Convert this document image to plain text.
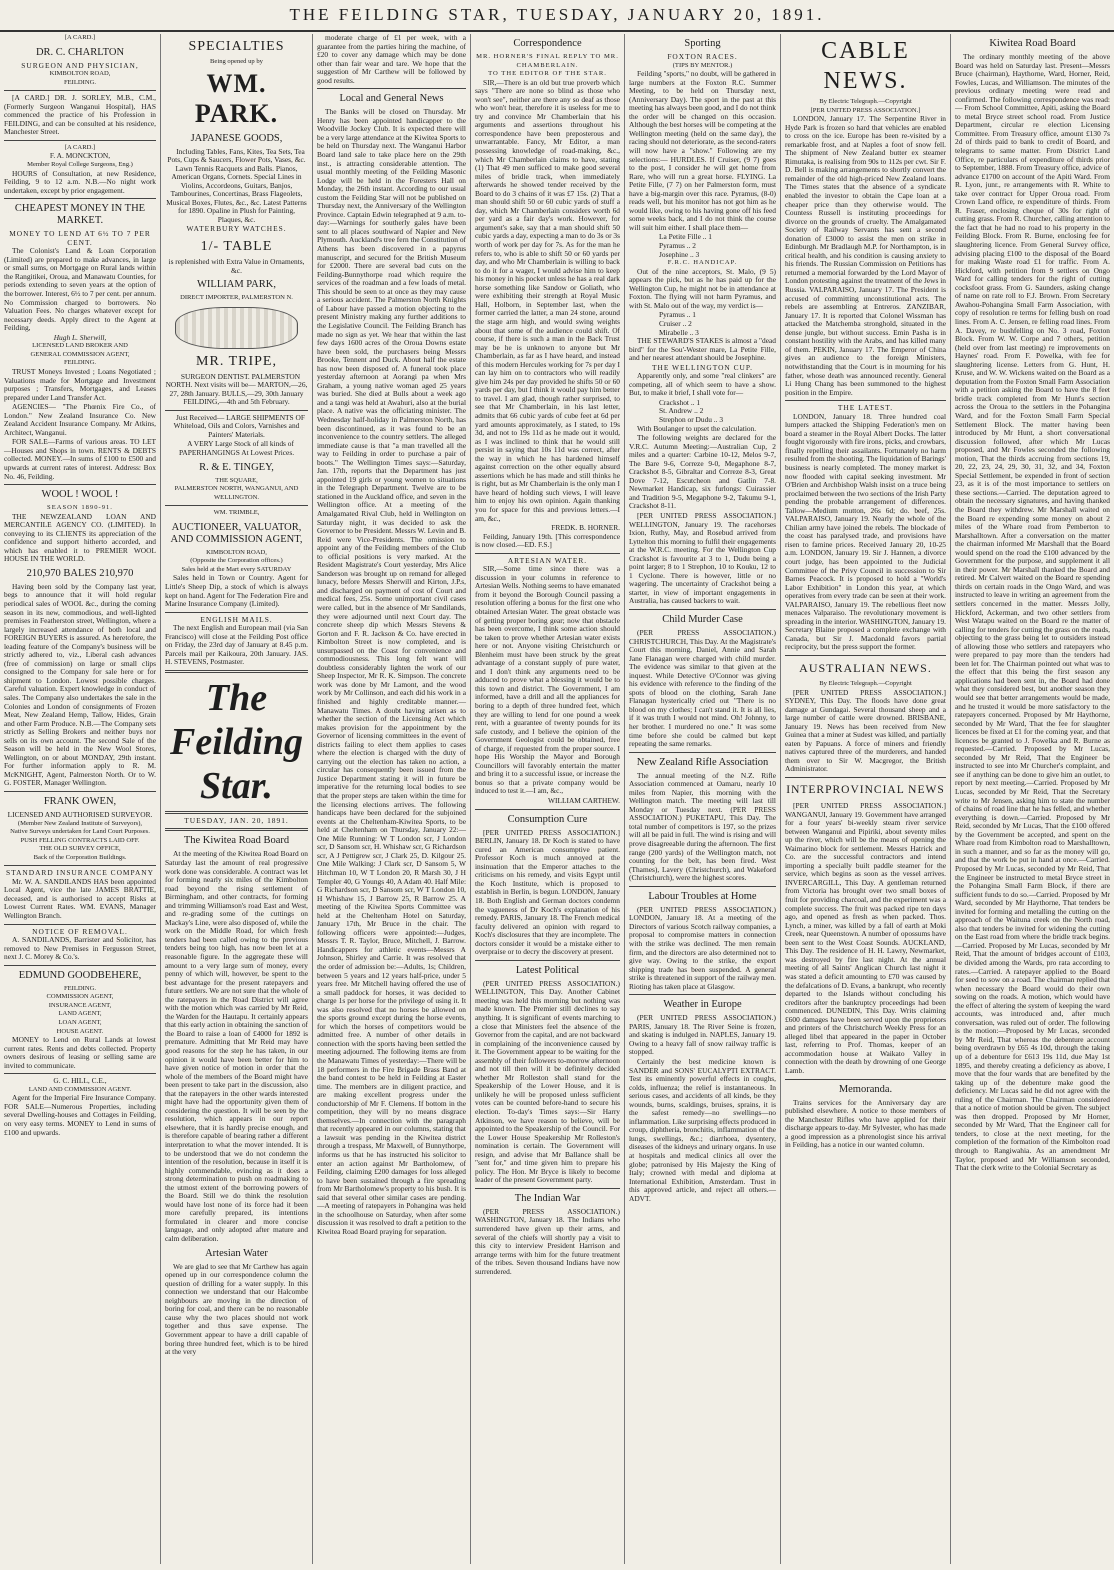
THE FEILDING STAR, TUESDAY, JANUARY 20, 1891.
[A CARD.]
DR. C. CHARLTON
SURGEON AND PHYSICIAN,
KIMBOLTON ROAD,
FEILDING.

[A CARD.] DR. J. SORLEY, M.B., C.M., (Formerly Surgeon Wanganui Hospital), HAS commenced the practice of his Profession in FEILDING, and can be consulted at his residence, Manchester Street.

[A CARD.]
F. A. MONCKTON,
Member Royal College Surgeons, Eng.)

HOURS of Consultation, at new Residence, Feilding, 9 to 12 a.m. N.B.—No night work undertaken, except by prior engagement.

CHEAPEST MONEY IN THE MARKET.
MONEY TO LEND AT 6½ TO 7 PER CENT.

The Colonist's Land & Loan Corporation (Limited) are prepared to make advances, in large or small sums, on Mortgage on Rural lands within the Rangitikei, Oroua, and Manawatu Counties, for periods extending to seven years at the option of the borrower. Interest, 6½ to 7 per cent. per annum. No Commission charged to borrowers. No Valuation Fees. No charges whatever except for necessary deeds. Apply direct to the Agent at Feilding,

Hugh L. Sherwill,
LICENSED LAND BROKER AND
GENERAL COMMISSION AGENT,
FEILDING.

TRUST Moneys Invested ; Loans Negotiated ; Valuations made for Mortgage and Investment purposes ; Transfers, Mortgages, and Leases prepared under Land Transfer Act.

AGENCIES— "The Phœnix Fire Co., of London." New Zealand Insurance Co. New Zealand Accident Insurance Company. Mr Atkins, Architect, Wanganui.

FOR SALE—Farms of various areas. TO LET—Houses and Shops in town. RENTS & DEBTS collected. MONEY.—In sums of £100 to £500 and upwards at current rates of interest. Address: Box No. 46, Feilding.

WOOL ! WOOL !
SEASON 1890-91.

THE NEWZEALAND LOAN AND MERCANTILE AGENCY CO. (LIMITED). In conveying to its CLIENTS its appreciation of the confidence and support hitherto accorded, and which has enabled it to PREMIER WOOL HOUSE IN THE WORLD.

210,970 BALES 210,970

Having been sold by the Company last year, begs to announce that it will hold regular periodical sales of WOOL &c., during the coming season in its new, commodious, and well-lighted premises in Featherston street, Wellington, where a largely increased attendance of both local and FOREIGN BUYERS is assured. As heretofore, the leading feature of the Company's business will be strictly adhered to, viz., Liberal cash advances (free of commission) on large or small clips consigned to the Company for sale here or for shipment to London. Lowest possible charges. Careful valuation. Expert knowledge in conduct of sales. The Company also undertakes the sale in the Colonies and London of consignments of Frozen Meat, New Zealand Hemp, Tallow, Hides, Grain and other Farm Produce. N.B.—The Company sets strictly as Selling Brokers and neither buys nor sells on its own account. The second Sale of the Season will be held in the New Wool Stores, Wellington, on or about MONDAY, 29th instant. For further information apply to R. M. McKNIGHT, Agent, Palmerston North. Or to W. G. FOSTER, Manager Wellington.

FRANK OWEN,
LICENSED AND AUTHORISED SURVEYOR.
(Member New Zealand Institute of Surveyors),
Native Surveys undertaken for Land Court Purposes.
PUSH FELLING CONTRACTS LAID OFF.
THE OLD SURVEY OFFICE,
Back of the Corporation Buildings.
STANDARD INSURANCE COMPANY

Mr. W. A. SANDILANDS HAS been appointed Local Agent, vice the late JAMES BRATTIE, deceased, and is authorised to accept Risks at Lowest Current Rates. WM. EVANS, Manager Wellington Branch.

NOTICE OF REMOVAL.

A. SANDILANDS, Barrister and Solicitor, has removed to New Premises in Fergusson Street, next J. C. Morey & Co.'s.

EDMUND GOODBEHERE,
FEILDING.
COMMISSION AGENT,
INSURANCE AGENT,
LAND AGENT,
LOAN AGENT,
HOUSE AGENT.

MONEY to Lend on Rural Lands at lowest current rates. Rents and debts collected. Property owners desirous of leasing or selling same are invited to communicate.

G. C. HILL, C.E.,
LAND AND COMMISSION AGENT.

Agent for the Imperial Fire Insurance Company. FOR SALE—Numerous Properties, including several Dwelling-houses and Cottages in Feilding, on very easy terms. MONEY to Lend in sums of £100 and upwards.

SPECIALTIES
Being opened up by
WM. PARK.
JAPANESE GOODS,

Including Tables, Fans, Kites, Tea Sets, Tea Pots, Cups & Saucers, Flower Pots, Vases, &c. Lawn Tennis Racquets and Balls. Pianos, American Organs, Cornets. Special Lines in Violins, Accordeons, Guitars, Banjos, Tambourines, Concertinas, Brass Flageolets, Musical Boxes, Flutes, &c., &c. Latest Patterns for 1890. Opaline in Plush for Painting, Plaques, &c.

WATERBURY WATCHES.
1/- TABLE
is replenished with Extra Value in Ornaments, &c.
WILLIAM PARK,
DIRECT IMPORTER, PALMERSTON N.
MR. TRIPE,

SURGEON DENTIST. PALMERSTON NORTH. Next visits will be— MARTON,—26, 27, 28th January. BULLS,—29, 30th January FEILDING,—4th and 5th February.

Just Received— LARGE SHIPMENTS OF Whiteload, Oils and Colors, Varnishes and Painters' Materials.

A VERY Large Stock of all kinds of PAPERHANGINGS At Lowest Prices.

R. & E. TINGEY,
THE SQUARE,
PALMERSTON NORTH, WANGANUI, AND
WELLINGTON.
WM. TRIMBLE,
AUCTIONEER, VALUATOR, AND COMMISSION AGENT,
KIMBOLTON ROAD,
(Opposite the Corporation offices.)
Sales held at the Mart every SATURDAY

Sales held in Town or Country. Agent for Little's Sheep Dip, a stock of which is always kept on hand. Agent for The Federation Fire and Marine Insurance Company (Limited).

ENGLISH MAILS.

The next English and European mail (via San Francisco) will close at the Feilding Post office on Friday, the 23rd day of January at 8.45 p.m. Parcels mail per Kaikoura, 20th January. JAS. H. STEVENS, Postmaster.

The Feilding Star.
TUESDAY, JAN. 20, 1891.
The Kiwitea Road Board

At the meeting of the Kiwitea Road Board on Saturday last the amount of real progressive work done was considerable. A contract was let for forming nearly six miles of the Kimbolton road beyond the rising settlement of Birmingham, and other contracts, for forming and trimming Williamson's road East and West, and re-grading some of the cuttings on Mackay's Line, were also disposed of, while the work on the Middle Road, for which fresh tenders had been called owing to the previous tenders being too high, has now been let at a reasonable figure. In the aggregate these will amount to a very large sum of money, every penny of which will, however, be spent to the best advantage for the present ratepayers and future settlers. We are not sure that the whole of the ratepayers in the Road District will agree with the motion which was carried by Mr Reid, the Warden for the Hautapu. It certainly appears that this early action in obtaining the sanction of the Board to raise a loan of £4000 for 1892 is premature. Admitting that Mr Reid may have good reasons for the step he has taken, in our opinion it would have been better for him to have given notice of motion in order that the whole of the members of the Board might have been present to take part in the discussion, also that the ratepayers in the other wards interested might have had the opportunity given them of considering the question. It will be seen by the resolution, which appears in our report elsewhere, that it is hardly precise enough, and is therefore capable of bearing rather a different interpretation to what the mover intended. It is to be understood that we do not condemn the intention of the resolution, because in itself it is highly commendable, evincing as it does a strong determination to push on roadmaking to the utmost extent of the borrowing powers of the Board. Still we do think the resolution would have lost none of its force had it been more carefully prepared, its intentions formulated in clearer and more concise language, and only adopted after mature and calm deliberation.

Artesian Water

We are glad to see that Mr Carthew has again opened up in our correspondence column the question of drilling for a water supply. In this connection we understand that our Halcombe neighbours are moving in the direction of boring for coal, and there can be no reasonable cause why the two places should not work together and thus save expense. The Government appear to have a drill capable of boring three hundred feet, which is to be hired at the very

moderate charge of £1 per week, with a guarantee from the parties hiring the machine, of £20 to cover any damage which may be done other than fair wear and tare. We hope that the suggestion of Mr Carthew will be followed by good results.

Local and General News

The Banks will be closed on Thursday. Mr Henry has been appointed handicapper to the Woodville Jockey Club. It is expected there will be a very large attendance at the Kiwitea Sports to be held on Thursday next. The Wanganui Harbor Board land sale to take place here on the 29th inst., is attracting considerable attention. The usual monthly meeting of the Feilding Masonic Lodge will be held in the Foresters Hall on Monday, the 26th instant. According to our usual custom the Feilding Star will not be published on Thursday next, the Anniversary of the Wellington Province. Captain Edwin telegraphed at 9 a.m. to-day:—Warnings for southerly gales have been sent to all places southward of Napier and New Plymouth. Auckland's tree fern the Constitution of Athens has been discovered in a papyrus manuscript, and secured for the British Museum for £2000. There are several bad cuts on the Feilding-Bunnythorpe road which require the services of the roadman and a few loads of metal. This should be seen to at once as they may cause a serious accident. The Palmerston North Knights of Labour have passed a motion objecting to the present Ministry making any further additions to the Legislative Council. The Feilding Branch has made no sign as yet. We hear that within the last few days 1600 acres of the Oroua Downs estate have been sold, the purchasers being Messrs Brooke, Tennent and Duck. About half the estate has now been disposed of. A funeral took place yesterday afternoon at Aorangi pa when Mrs Graham, a young native woman aged 25 years was buried. She died at Bulls about a week ago and a tangi was held at Awahuri, also at the burial place. A native was the officiating minister. The Wednesday half-holiday in Palmerston North, has been discontinued, as it was found to be an inconvenience to the country settlers. The alleged immediate cause is that "a man travelled all the way to Feilding in order to purchase a pair of boots." The Wellington Times says:—Saturday, Jan. 17th, reports that the Department has just appointed 19 girls or young women to situations in the Telegraph Department. Twelve are to be stationed in the Auckland office, and seven in the Wellington office. At a meeting of the Amalgamated Rival Club, held in Wellington on Saturday night, it was decided to ask the Governor to be President. Messrs W. Levin and B. Reid were Vice-Presidents. The omission to appoint any of the Feilding members of the Club to official positions is very marked. At the Resident Magistrate's Court yesterday, Mrs Alice Sanderson was brought up on remand for alleged lunacy, before Messrs Sherwill and Kirton, J.P.s, and discharged on payment of cost of Court and medical fees, 25s. Some unimportant civil cases were called, but in the absence of Mr Sandilands, they were adjourned until next Court day. The concrete sheep dip which Messrs Stevens & Gorton and F. R. Jackson & Co. have erected in Kimbolton Street is now completed, and is unsurpassed on the Coast for convenience and commodiousness. This long felt want will doubtless considerably lighten the work of our Sheep Inspector, Mr R. K. Simpson. The concrete work was done by Mr Lamont, and the wood work by Mr Collinson, and each did his work in a finished and highly creditable manner.—Manawatu Times. A doubt having arisen as to whether the section of the Licensing Act which makes provision for the appointment by the Governor of licensing committees in the event of districts failing to elect them applies to cases where the election is charged with the duty of carrying out the election has taken no action, a circular has consequently been issued from the Justice Department stating it will in future be imperative for the returning local bodies to see that the proper steps are taken within the time for the licensing elections arrives. The following handicaps have been declared for the subjoined events at the Cheltenham-Kiwitea Sports, to be held at Cheltenham on Thursday, January 22:—One Mile Running: W T London scr, J London scr, D Sansom scr, H. Whishaw scr, G Richardson scr, A J Pettigrew scr, J Clark 25, D. Kilgour 25. One Mile Walking: J Clark scr, D Sansom 5, W Hitchman 10, W T London 20, R Marsh 30, J H Templer 40, G Youngs 40, A Adam 40. Half Mile: G Richardson scr, D Sansom scr, W T London 10, H Whishaw 15, J Barrow 25, R Barrow 25. A meeting of the Kiwitea Sports Committee was held at the Cheltenham Hotel on Saturday, January 17th, Mr Bruce in the chair. The following officers were appointed:—Judges, Messrs T. R. Taylor, Bruce, Mitchell, J. Barrow. Handicappers for athletic events—Messrs A Johnson, Shirley and Carrie. It was resolved that the order of admission be:—Adults, 1s; Children, between 5 years and 12 years half-price, under 5 years free. Mr Mitchell having offered the use of a small paddock for horses, it was decided to charge 1s per horse for the privilege of using it. It was also resolved that no horses be allowed on the sports ground except during the horse events, for which the horses of competitors would be admitted free. A number of other details in connection with the sports having been settled the meeting adjourned. The following items are from the Manawatu Times of yesterday:—There will be 18 performers in the Fire Brigade Brass Band at the band contest to be held in Feilding at Easter time. The members are in diligent practice, and are making excellent progress under the conductorship of Mr F. Clemens. If bottom in the competition, they will by no means disgrace themselves.—In connection with the paragraph that recently appeared in our columns, stating that a lawsuit was pending in the Kiwitea district through a trespass, Mr Maxwell, of Bunnythorpe, informs us that he has instructed his solicitor to enter an action against Mr Bartholomew, of Feilding, claiming £200 damages for loss alleged to have been sustained through a fire spreading from Mr Bartholomew's property to his bush. It is said that several other similar cases are pending.—A meeting of ratepayers in Pohangina was held in the schoolhouse on Saturday, when after some discussion it was resolved to draft a petition to the Kiwitea Road Board praying for separation.

Correspondence
MR. HORNER'S FINAL REPLY TO MR. CHAMBERLAIN.
TO THE EDITOR OF THE STAR.

SIR,—There is an old but true proverb which says "There are none so blind as those who won't see", neither are there any so deaf as those who won't hear, therefore it is useless for me to try and convince Mr Chamberlain that his arguments and assertions throughout his correspondence have been preposterous and unwarrantable. Fancy, Mr Editor, a man possessing knowledge of road-making, &c., which Mr Chamberlain claims to have, stating (1) That 49 men sufficed to make good several miles of bridle track, when immediately afterwards he showed tender received by the Board to do 3 chains of it was £7 15s. (2) That a man should shift 50 or 60 cubic yards of stuff a day, which Mr Chamberlain considers worth 6d per yard as a fair day's work. However, for argument's sake, say that a man should shift 50 cubic yards a day, expecting a man to do 3s or 3s worth of work per day for 7s. As for the man he refers to, who is able to shift 50 or 60 yards per day, and who Mr Chamberlain is willing to back to do it for a wager, I would advise him to keep his money in his pocket unless he has a real dark horse something like Sandow or Goliath, who were exhibiting their strength at Royal Music Hall, Holborn, in September last, when the former carried the latter, a man 24 stone, around the stage arm high, and would swing weights about that some of the audience could shift. Of course, if there is such a man in the Back Trust may be he is unknown to anyone but Mr Chamberlain, as far as I have heard, and instead of this modern Hercules working for 7s per day I can lay him on to contractors who will readily give him 24s per day provided he shifts 50 or 60 yards per day, but I think it would pay him better to travel. I am glad, though rather surprised, to see that Mr Chamberlain, in his last letter, admits that 66 cubic yards of cube feet at 6d per yard amounts approximately, as I stated, to 19s 3d, and not to 19s 11d as he made out it would, as I was inclined to think that he would still persist in saying that 10s 11d was correct, after the way in which he has hardened himself against correction on the other equally absurd assertions which he has made and still thinks he is right, but as Mr Chamberlain is the only man I have heard of holding such views, I will leave him to enjoy his own opinion. Again thanking you for space for this and previous letters.—I am, &c.,

FREDK. B. HORNER.

Feilding, January 19th. [This correspondence is now closed.—ED. F.S.]

ARTESIAN WATER.

SIR,—Some time since there was a discussion in your columns in reference to Artesian Wells. Nothing seems to have emanated from it beyond the Borough Council passing a resolution offering a bonus for the first one who obtained Artesian Water. The great obstacle was of getting proper boring gear; now that obstacle has been overcome, I think some action should be taken to prove whether Artesian water exists here or not. Anyone visiting Christchurch or Blenheim must have been struck by the great advantage of a constant supply of pure water, and I don't think any arguments need to be adduced to prove what a blessing it would be to this town and district. The Government, I am informed, have a drill and all the appliances for boring to a depth of three hundred feet, which they are willing to lend for one pound a week rent, with a guarantee of twenty pounds for its safe custody, and I believe the opinion of the Government Geologist could be obtained, free of charge, if requested from the proper source. I hope His Worship the Mayor and Borough Councillors will favorably entertain the matter and bring it to a successful issue, or increase the bonus so that a private company would be induced to test it.—I am, &c.,

WILLIAM CARTHEW.
Consumption Cure

[PER UNITED PRESS ASSOCIATION.] BERLIN, January 18. Dr Koch is stated to have cured an American consumptive patient. Professor Koch is much annoyed at the insinuation that the Emperor attaches to the criticisms on his remedy, and visits Egypt until the Koch Institute, which is proposed to establish in Berlin, is begun. LONDON, January 18. Both English and German doctors condemn the vagueness of Dr Koch's explanation of his remedy. PARIS, January 18. The French medical faculty delivered an opinion with regard to Koch's disclosures that they are incomplete. The doctors consider it would be a mistake either to overpraise or to decry the discovery at present.

Latest Political

(PER UNITED PRESS ASSOCIATION.) WELLINGTON, This Day. Another Cabinet meeting was held this morning but nothing was made known. The Premier still declines to say anything. It is significant of events marching to a close that Ministers feel the absence of the Governor from the capital, and are not backward in complaining of the inconvenience caused by it. The Government appear to be waiting for the assembly of their followers to-morrow afternoon and not till then will it be definitely decided whether Mr Rolleston shall stand for the Speakership of the Lower House, and it is unlikely he will be proposed unless sufficient votes can be counted before-hand to secure his election. To-day's Times says:—Sir Harry Atkinson, we have reason to believe, will be appointed to the Speakership of the Council. For the Lower House Speakership Mr Rolleston's nomination is certain. The Government will resign, and advise that Mr Ballance shall be "sent for," and time given him to prepare his policy. The Hon. Mr Bryce is likely to become leader of the present Government party.

The Indian War

(PER PRESS ASSOCIATION.) WASHINGTON, January 18. The Indians who surrendered have given up their arms, and several of the chiefs will shortly pay a visit to this city to interview President Harrison and arrange terms with him for the future treatment of the tribes. Seven thousand Indians have now surrendered.

Sporting
FOXTON RACES.
(TIPS BY MENTOR.)

Feilding "sports," no doubt, will be gathered in large numbers at the Foxton R.C. Summer Meeting, to be held on Thursday next, (Anniversary Day). The sport in the past at this meeting has always been good, and I do not think the order will be changed on this occasion. Although the best horses will be competing at the Wellington meeting (held on the same day), the racing should not deteriorate, as the second-raters will now have a "show." Following are my selections:— HURDLES. If Cruiser, (9 7) goes to the post, I consider he will get home from Rare, who will run a great horse. FLYING. La Petite Fille, (7 7) on her Palmerston form, must have a big-margin over this race. Pyramus, (8-0) reads well, but his monitor has not got him as he would like, owing to his having gone off his feed some weeks back, and I do not think the course will suit him either. I shall place them—

La Petite Fille .. 1
Pyramus .. 2
Josephine .. 3
F.R.C. HANDICAP.

Out of the nine acceptors, St. Malo, (9 5) appears the pick, but as he has paid up for the Wellington Cup, he might not be in attendance at Foxton. The flying will not harm Pyramus, and with St. Malo out of the way, my verdict is—

Pyramus .. 1
Cruiser .. 2
Mirabelle .. 3

THE STEWARD'S STAKES is almost a "dead bird" for the Sou'-Wester mare, La Petite Fille, and her nearest attendant should be Josephine.

THE WELLINGTON CUP.

Apparently only, and some "real clinkers" are competing, all of which seem to have a show. But, to make it brief, I shall vote for—

Crackshot .. 1
St. Andrew .. 2
Strephon or Dudu .. 3

With Boulanger to upset the calculation.

The following weights are declared for the V.R.C. Autumn Meeting:—Australian Cup, 2 miles and a quarter: Carbine 10-12, Melos 9-7, The Bare 9-6, Correze 9-0, Megaphone 8-7, Crackshot 8-5, Gibraltar and Correze 8-3, Great Dove 7-12, Escutcheon and Gatlin 7-8. Newmarket Handicap, six furlongs: Cuirassier and Tradition 9-5, Megaphone 9-2, Takumu 9-1, Crackshot 8-11.

[PER UNITED PRESS ASSOCIATION.] WELLINGTON, January 19. The racehorses Ixion, Ruthy, May, and Rosebud arrived from Lyttelton this morning to fulfil their engagements at the W.R.C. meeting. For the Wellington Cup Crackshot is favourite at 3 to 1, Dudu being a point larger; 8 to 1 Strephon, 10 to Kouku, 12 to 1 Cyclone. There is however, little or no wagering. The uncertainty of Crackshot being a starter, in view of important engagements in Australia, has caused backers to wait.

Child Murder Case

(PER PRESS ASSOCIATION.) CHRISTCHURCH, This Day. At the Magistrate's Court this morning, Daniel, Annie and Sarah Jane Flanagan were charged with child murder. The evidence was similar to that given at the inquest. While Detective O'Connor was giving his evidence with reference to the finding of the spots of blood on the clothing, Sarah Jane Flanagan hysterically cried out "There is no blood on my clothes; I can't stand it. It is all lies, if it was truth I would not mind. Oh! Johnny, to her brother. I murdered no one." It was some time before she could be calmed but kept repeating the same remarks.

New Zealand Rifle Association

The annual meeting of the N.Z. Rifle Association commenced at Oamaru, nearly 10 miles from Napier, this morning with the Wellington match. The meeting will last till Monday or Tuesday next. (PER PRESS ASSOCIATION.) PUKETAPU, This Day. The total number of competitors is 197, so the prizes will all be paid in full. The wind is rising and will prove disagreeable during the afternoon. The first range (200 yards) of the Wellington match, not counting for the belt, has been fired. West (Thames), Lavery (Christchurch), and Wakeford (Christchurch), were the highest scores.

Labour Troubles at Home

(PER UNITED PRESS ASSOCIATION.) LONDON, January 18. At a meeting of the Directors of various Scotch railway companies, a proposal to compromise matters in connection with the strike was declined. The men remain firm, and the directors are also determined not to give way. Owing to the strike, the export shipping trade has been suspended. A general strike is threatened in support of the railway men. Rioting has taken place at Glasgow.

Weather in Europe

(PER UNITED PRESS ASSOCIATION.) PARIS, January 18. The River Seine is frozen, and skating is indulged in. NAPLES, January 19. Owing to a heavy fall of snow railway traffic is stopped.

Certainly the best medicine known is SANDER and SONS' EUCALYPTI EXTRACT. Test its eminently powerful effects in coughs, colds, influenza; the relief is instantaneous. In serious cases, and accidents of all kinds, be they wounds, burns, scaldings, bruises, sprains, it is the safest remedy—no swellings—no inflammation. Like surprising effects produced in croup, diphtheria, bronchitis, inflammation of the lungs, swellings, &c.; diarrhoea, dysentery, diseases of the kidneys and urinary organs. In use at hospitals and medical clinics all over the globe; patronised by His Majesty the King of Italy; crowned with medal and diploma at International Exhibition, Amsterdam. Trust in this approved article, and reject all others.—ADVT.

CABLE NEWS.
By Electric Telegraph.—Copyright
[PER UNITED PRESS ASSOCIATION.]

LONDON, January 17. The Serpentine River in Hyde Park is frozen so hard that vehicles are enabled to cross on the ice. Europe has been re-visited by a remarkable frost, and at Naples a foot of snow fell. The shipment of New Zealand butter ex steamer Rimutaka, is realising from 90s to 112s per cwt. Sir F. D. Bell is making arrangements to shortly convert the remainder of the old high-priced New Zealand loans. The Times states that the absence of a syndicate enabled the investor to obtain the Cape loan at a cheaper price than they otherwise would. The Countess Russell is instituting proceedings for divorce on the grounds of cruelty. The Amalgamated Society of Railway Servants has sent a second donation of £3000 to assist the men on strike in Edinburgh. Mr Bradlaugh M.P. for Northampton, is in critical health, and his condition is causing anxiety to his friends. The Russian Commission on Petitions has returned a memorial forwarded by the Lord Mayor of London protesting against the treatment of the Jews in Russia. VALPARAISO, January 17. The President is accused of committing unconstitutional acts. The rebels are assembling at Entreros. ZANZIBAR, January 17. It is reported that Colonel Wissman has attacked the Matchemba stronghold, situated in the dense jungle, but without success. Emin Pasha is in constant hostility with the Arabs, and has killed many of them. PEKIN, January 17. The Emperor of China gives an audience to the foreign Ministers, notwithstanding that the Court is in mourning for his father, whose death was announced recently. General Li Hung Chang has been summoned to the highest position in the Empire.

THE LATEST.

LONDON, January 18. Three hundred coal lumpers attacked the Shipping Federation's men on board a steamer in the Royal Albert Docks. The latter fought vigorously with fire irons, picks, and crowbars, finally repelling their assailants. Fortunately no harm resulted from the shooting. The liquidation of Barings' business is nearly completed. The money market is now flooded with capital seeking investment. Mr O'Brien and Archbishop Walsh insist on a truce being proclaimed between the two sections of the Irish Party pending the probable arrangement of differences. Tallow—Medium mutton, 26s 6d; do. beef, 25s. VALPARAISO, January 19. Nearly the whole of the Chilian army have joined the rebels. The blockade of the coast has paralysed trade, and provisions have risen to famine prices. Received January 20, 10-25 a.m. LONDON, January 19. Sir J. Hannen, a divorce court judge, has been appointed to the Judicial Committee of the Privy Council in succession to Sir Barnes Peacock. It is proposed to hold a "World's Labor Exhibition" in London this year, at which operatives from every trade can be seen at their work. VALPARAISO, January 19. The rebellious fleet now menaces Valparaiso. The revolutionary movement is spreading in the interior. WASHINGTON, January 19. Secretary Blaine proposed a complete exchange with Canada, but Sir J. Macdonald favors partial reciprocity, but the press support the former.

AUSTRALIAN NEWS.
By Electric Telegraph.—Copyright

[PER UNITED PRESS ASSOCIATION.] SYDNEY, This Day. The floods have done great damage at Gundagai. Several thousand sheep and a large number of cattle were drowned. BRISBANE, January 19. News has been received from New Guinea that a miner at Sudest was killed, and partially eaten by Papuans. A force of miners and friendly natives captured three of the murderers, and handed them over to Sir W. Macgregor, the British Administrator.

INTERPROVINCIAL NEWS

[PER UNITED PRESS ASSOCIATION.] WANGANUI, January 19. Government have arranged for a four years' bi-weekly steam river service between Wanganui and Pipiriki, about seventy miles up the river, which will be the means of opening the Waimarino block for settlement. Messrs Hatrick and Co. are the successful contractors and intend importing a specially built paddle steamer for the service, which begins as soon as the vessel arrives. INVERCARGILL, This Day. A gentleman returned from Victoria has brought over two small boxes of fruit for providing charcoal, and the experiment was a complete success. The fruit was packed ripe ten days ago, and opened as fresh as when packed. Thos. Lynch, a miner, was killed by a fall of earth at Moki Creek, near Queenstown. A number of opossums have been sent to the West Coast Sounds. AUCKLAND, This Day. The residence of H. H. Lawry, Newmarket, was destroyed by fire last night. At the annual meeting of all Saints' Anglican Church last night it was stated a deficit amounting to £70 was caused by the defalcations of D. Evans, a bankrupt, who recently departed to the Islands without concluding his creditors after the bankruptcy proceedings had been commenced. DUNEDIN, This Day. Writs claiming £600 damages have been served upon the proprietors and printers of the Christchurch Weekly Press for an alleged libel that appeared in the paper in October last, referring to Prof. Thomas, keeper of an accommodation house at Waikato Valley in connection with the death by drowning of one George Lamb.

Memoranda.

Trains services for the Anniversary day are published elsewhere. A notice to those members of the Manchester Rifles who have applied for their discharge appears to-day. Mr Sylvester, who has made a good impression as a phrenologist since his arrival in Feilding, has a notice in our wanted column.

Kiwitea Road Board

The ordinary monthly meeting of the above Board was held on Saturday last. Present—Messrs Bruce (chairman), Haythorne, Ward, Horner, Reid, Fowles, Lucas, and Williamson. The minutes of the previous ordinary meeting were read and confirmed. The following correspondence was read:— From School Committee, Apiti, asking the Board to metal Bryce street school road. From Justice Department, circular re election Licensing Committee. From Treasury office, amount £130 7s 2d of thirds paid to bank to credit of Board, and telegrams to same matter. From District Land Office, re particulars of expenditure of thirds prior to September, 1888. From Treasury office, advice of advance £1700 on account of the Apiti Ward. From R. Lyon, junr., re arrangements with R. White to take over contract for Upper Oroua road. From Crown Land office, re expenditure of thirds. From R. Fraser, enclosing cheque of 30s for right of cutting grass. From R. Churcher, calling attention to the fact that he had no road to his property in the Feilding Block. From R. Burne, enclosing fee for slaughtering licence. From General Survey office, advising placing £100 to the disposal of the Board for making Waste road £1 for traffic. From A. Hickford, with petition from 9 settlers on Ongo Ward for calling tenders for the right of cutting cocksfoot grass. From G. Saunders, asking change of name on rate roll to F.J. Brown. From Secretary Awahou-Pohangina Small Farm Association, with copy of resolution re terms for felling bush on road lines. From A. C. Jensen, re felling road lines. From A. Davey, re bushfelling on No. 3 road, Foxton Block. From W. W. Corpe and 7 others, petition (held over from last meeting) re improvements on Haynes' road. From F. Powelka, with fee for slaughtering license. Letters from G. Hunt, H. Kruse, and W. W. Wickens waited on the Board as a deputation from the Foxton Small Farm Association with a petition asking the Board to have the 8 feet bridle track completed from Mr Hunt's section across the Oroua to the settlers in the Pohangina Ward, and for the Foxton Small Farm Special Settlement Block. The matter having been introduced by Mr Hunt, a short conversational discussion followed, after which Mr Lucas proposed, and Mr Fowles seconded the following motion, That the thirds accruing from sections 19, 20, 22, 23, 24, 29, 30, 31, 32, and 34, Foxton Special Settlement, be expended in front of section 23, as it is of the most importance to settlers on these sections.—Carried. The deputation agreed to obtain the necessary signatures, and having thanked the Board they withdrew. Mr Marshall waited on the Board re expending some money on about 2 miles of the Whare road from Pemberton to Marshalltown. After a conversation on the matter the chairman informed Mr Marshall that the Board would spend on the road the £100 advanced by the Government for the purpose, and supplement it all in their power. Mr Marshall thanked the Board and retired. Mr Calvert waited on the Board re spending thirds on certain roads in the Ongo Ward, and was instructed to leave in writing an agreement from the settlers concerned in the matter. Messrs Jolly, Hickford, Ackerman, and two other settlers from West Watapu waited on the Board re the matter of calling for tenders for cutting the grass on the roads, objecting to the grass being let to outsiders instead of allowing those who settlers and ratepayers who were prepared to pay more than the tenders had been let for. The Chairman pointed out what was to the effect that this being the first season any applications had been sent in, the Board had done what they considered best, but another season they would see that better arrangements would be made, and he trusted it would be more satisfactory to the ratepayers concerned. Proposed by Mr Haythorne, seconded by Mr Ward, That the fee for slaughter licences be fixed at £1 for the coming year, and that licences be granted to J. Fowelka and R. Burne as requested.—Carried. Proposed by Mr Lucas, seconded by Mr Reid, That the Engineer be instructed to see into Mr Churcher's complaint, and see if anything can be done to give him an outlet, to report by next meeting.—Carried. Proposed by Mr Lucas, seconded by Mr Reid, That the Secretary write to Mr Jensen, asking him to state the number of chains of road line that he has felled, and whether everything is down.—Carried. Proposed by Mr Reid, seconded by Mr Lucas, That the £100 offered by the Government be accepted, and spent on the Whare road from Kimbolton road to Marshalltown, in such a manner, and so far as the money will go, and that the work be put in hand at once.—Carried. Proposed by Mr Lucas, seconded by Mr Reid, That the Engineer be instructed to metal Bryce street in the Pohangina Small Farm Block, if there are sufficient funds to do so.—Carried. Proposed by Mr Ward, seconded by Mr Haythorne, That tenders be invited for forming and metalling the cutting on the approach of the Waituna creek on the North road, also that tenders be invited for widening the cutting on the East road from where the bridle track begins.—Carried. Proposed by Mr Lucas, seconded by Mr Reid, That the amount of bridges account of £103, be divided among the Wards, pro rata according to rates.—Carried. A ratepayer applied to the Board for seed to sow on a road. The chairman replied that when necessary the Board would do their own sowing on the roads. A motion, which would have the effect of altering the system of keeping the ward accounts, was introduced and, after much conversation, was ruled out of order. The following is the motion:—Proposed by Mr Lucas, seconded by Mr Reid, That whereas the debenture account being overdrawn by £65 4s 10d, through the taking up of a debenture for £613 19s 11d, due May 1st 1895, and thereby creating a deficiency as above, I move that the four wards that are benefited by the taking up of the debenture make good the deficiency. Mr Lucas said he did not agree with the ruling of the Chairman. The Chairman considered that a notice of motion should be given. The subject was then dropped. Proposed by Mr Horner, seconded by Mr Ward, That the Engineer call for tenders, to close at the next meeting, for the completion of the formation of the Kimbolton road through to Rangiwahia. As an amendment Mr Taylor, proposed and Mr Williamson seconded, That the clerk write to the Colonial Secretary as
